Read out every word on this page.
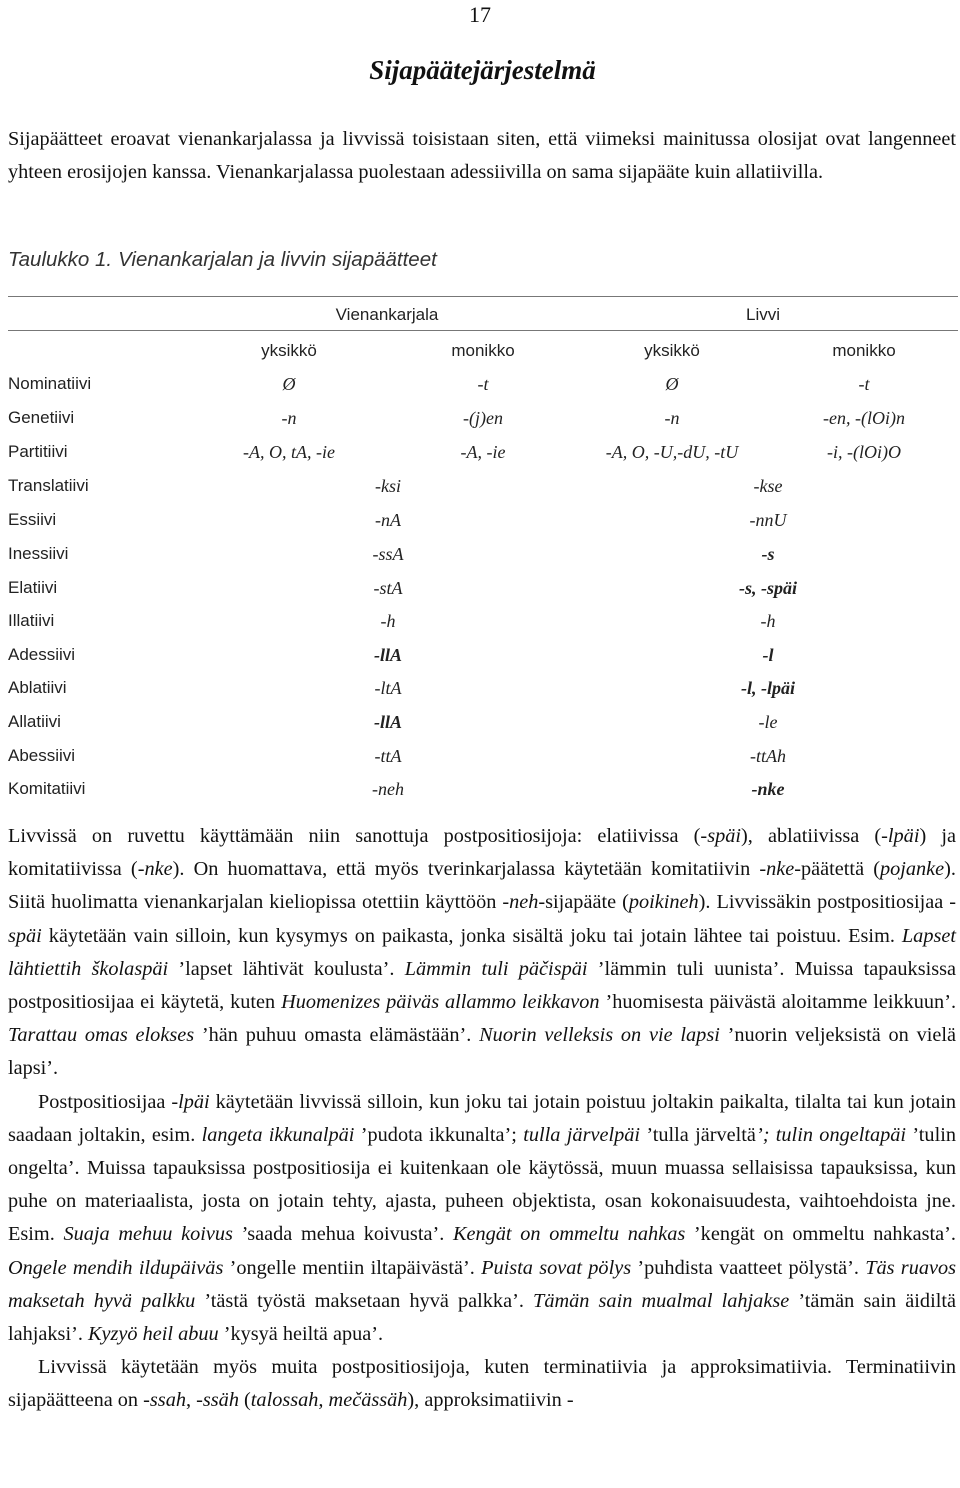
17
Sijapäätejärjestelmä

Sijapäätteet eroavat vienankarjalassa ja livvissä toisistaan siten, että viimeksi mainitussa olosijat ovat langenneet yhteen erosijojen kanssa. Vienankarjalassa puolestaan adessiivilla on sama sijapääte kuin allatiivilla.

Taulukko 1. Vienankarjalan ja livvin sijapäätteet
Vienankarjala	Livvi
yksikkö	monikko	yksikkö	monikko
Nominatiivi	Ø	-t	Ø	-t
Genetiivi	-n	-(j)en	-n	-en, -(lOi)n
Partitiivi	-A, O, tA, -ie	-A, -ie	-A, O, -U,-dU, -tU	-i, -(lOi)O
Translatiivi	-ksi	-kse
Essiivi	-nA	-nnU
Inessiivi	-ssA	-s
Elatiivi	-stA	-s, -späi
Illatiivi	-h	-h
Adessiivi	-llA	-l
Ablatiivi	-ltA	-l, -lpäi
Allatiivi	-llA	-le
Abessiivi	-ttA	-ttAh
Komitatiivi	-neh	-nke

Livvissä on ruvettu käyttämään niin sanottuja postpositiosijoja: elatiivissa (-späi), ablatiivissa (-lpäi) ja komitatiivissa (-nke). On huomattava, että myös tverinkarjalassa käytetään komitatiivin -nke-päätettä (pojanke). Siitä huolimatta vienankarjalan kieliopissa otettiin käyttöön -neh-sijapääte (poikineh). Livvissäkin postpositiosijaa -späi käytetään vain silloin, kun kysymys on paikasta, jonka sisältä joku tai jotain lähtee tai poistuu. Esim. Lapset lähtiettih školaspäi ’lapset lähtivät koulusta’. Lämmin tuli päčispäi ’lämmin tuli uunista’. Muissa tapauksissa postpositiosijaa ei käytetä, kuten Huomenizes päiväs allammo leikkavon ’huomisesta päivästä aloitamme leikkuun’. Tarattau omas elokses ’hän puhuu omasta elämästään’. Nuorin velleksis on vie lapsi ’nuorin veljeksistä on vielä lapsi’.

Postpositiosijaa -lpäi käytetään livvissä silloin, kun joku tai jotain poistuu joltakin paikalta, tilalta tai kun jotain saadaan joltakin, esim. langeta ikkunalpäi ’pudota ikkunalta’; tulla järvelpäi ’tulla järveltä’; tulin ongeltapäi ’tulin ongelta’. Muissa tapauksissa postpositiosija ei kuitenkaan ole käytössä, muun muassa sellaisissa tapauksissa, kun puhe on materiaalista, josta on jotain tehty, ajasta, puheen objektista, osan kokonaisuudesta, vaihtoehdoista jne. Esim. Suaja mehuu koivus ’saada mehua koivusta’. Kengät on ommeltu nahkas ’kengät on ommeltu nahkasta’. Ongele mendih ildupäiväs ’ongelle mentiin iltapäivästä’. Puista sovat pölys ’puhdista vaatteet pölystä’. Täs ruavos maksetah hyvä palkku ’tästä työstä maksetaan hyvä palkka’. Tämän sain mualmal lahjakse ’tämän sain äidiltä lahjaksi’. Kyzyö heil abuu ’kysyä heiltä apua’.

Livvissä käytetään myös muita postpositiosijoja, kuten terminatiivia ja approksimatiivia. Terminatiivin sijapäätteena on -ssah, -ssäh (talossah, mečässäh), approksimatiivin -
